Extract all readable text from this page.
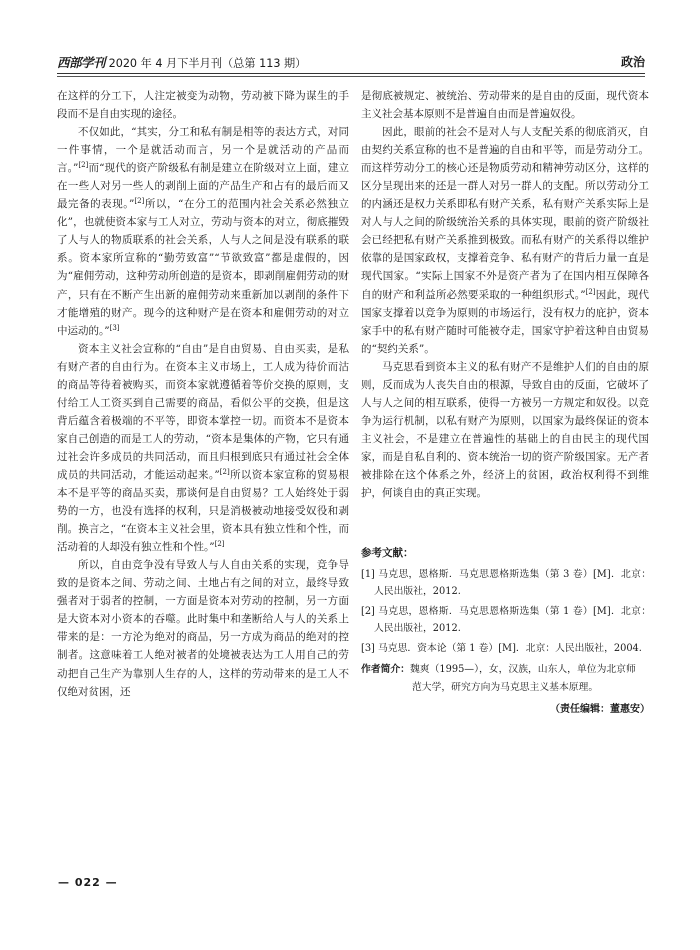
西部学刊 2020 年 4 月下半月刊（总第 113 期）	政治

在这样的分工下，人注定被变为动物，劳动被下降为谋生的手段而不是自由实现的途径。

不仅如此，“其实，分工和私有制是相等的表达方式，对同一件事情，一个是就活动而言，另一个是就活动的产品而言。”[2]而“现代的资产阶级私有制是建立在阶级对立上面，建立在一些人对另一些人的剥削上面的产品生产和占有的最后而又最完备的表现。”[2]所以，“在分工的范围内社会关系必然独立化”，也就使资本家与工人对立，劳动与资本的对立，彻底摧毁了人与人的物质联系的社会关系，人与人之间是没有联系的联系。资本家所宣称的“勤劳致富”“节欲致富”都是虚假的，因为“雇佣劳动，这种劳动所创造的是资本，即剥削雇佣劳动的财产，只有在不断产生出新的雇佣劳动来重新加以剥削的条件下才能增殖的财产。现今的这种财产是在资本和雇佣劳动的对立中运动的。”[3]

资本主义社会宣称的“自由”是自由贸易、自由买卖，是私有财产者的自由行为。在资本主义市场上，工人成为待价而沽的商品等待着被购买，而资本家就遵循着等价交换的原则，支付给工人工资买到自己需要的商品，看似公平的交换，但是这背后蕴含着极端的不平等，即资本掌控一切。而资本不是资本家自己创造的而是工人的劳动，“资本是集体的产物，它只有通过社会许多成员的共同活动，而且归根到底只有通过社会全体成员的共同活动，才能运动起来。”[2]所以资本家宣称的贸易根本不是平等的商品买卖，那谈何是自由贸易？工人始终处于弱势的一方，也没有选择的权利，只是消极被动地接受奴役和剥削。换言之，“在资本主义社会里，资本具有独立性和个性，而活动着的人却没有独立性和个性。”[2]

所以，自由竞争没有导致人与人自由关系的实现，竞争导致的是资本之间、劳动之间、土地占有之间的对立，最终导致强者对于弱者的控制，一方面是资本对劳动的控制，另一方面是大资本对小资本的吞噬。此时集中和垄断给人与人的关系上带来的是：一方沦为绝对的商品，另一方成为商品的绝对的控制者。这意味着工人绝对被者的处境被表达为工人用自己的劳动把自己生产为靠别人生存的人，这样的劳动带来的是工人不仅绝对贫困，还

是彻底被规定、被统治、劳动带来的是自由的反面，现代资本主义社会基本原则不是普遍自由而是普遍奴役。

因此，眼前的社会不是对人与人支配关系的彻底消灭，自由契约关系宣称的也不是普遍的自由和平等，而是劳动分工。而这样劳动分工的核心还是物质劳动和精神劳动区分，这样的区分呈现出来的还是一群人对另一群人的支配。所以劳动分工的内涵还是权力关系即私有财产关系，私有财产关系实际上是对人与人之间的阶级统治关系的具体实现，眼前的资产阶级社会已经把私有财产关系推到极致。而私有财产的关系得以维护依靠的是国家政权，支撑着竞争、私有财产的背后力量一直是现代国家。“实际上国家不外是资产者为了在国内相互保障各自的财产和利益所必然要采取的一种组织形式。”[2]因此，现代国家支撑着以竞争为原则的市场运行，没有权力的庇护，资本家手中的私有财产随时可能被夺走，国家守护着这种自由贸易的“契约关系”。

马克思看到资本主义的私有财产不是维护人们的自由的原则，反而成为人丧失自由的根源，导致自由的反面，它破坏了人与人之间的相互联系，使得一方被另一方规定和奴役。以竞争为运行机制，以私有财产为原则，以国家为最终保证的资本主义社会，不是建立在普遍性的基础上的自由民主的现代国家，而是自私自利的、资本统治一切的资产阶级国家。无产者被排除在这个体系之外，经济上的贫困，政治权利得不到维护，何谈自由的真正实现。

参考文献：
[1] 马克思，恩格斯．马克思恩格斯选集（第 3 卷）[M]．北京：人民出版社，2012.
[2] 马克思，恩格斯．马克思恩格斯选集（第 1 卷）[M]．北京：人民出版社，2012.
[3] 马克思．资本论（第 1 卷）[M]．北京：人民出版社，2004.
作者简介：魏爽（1995—），女，汉族，山东人，单位为北京师
范大学，研究方向为马克思主义基本原理。
（责任编辑：董惠安）
— 022 —
